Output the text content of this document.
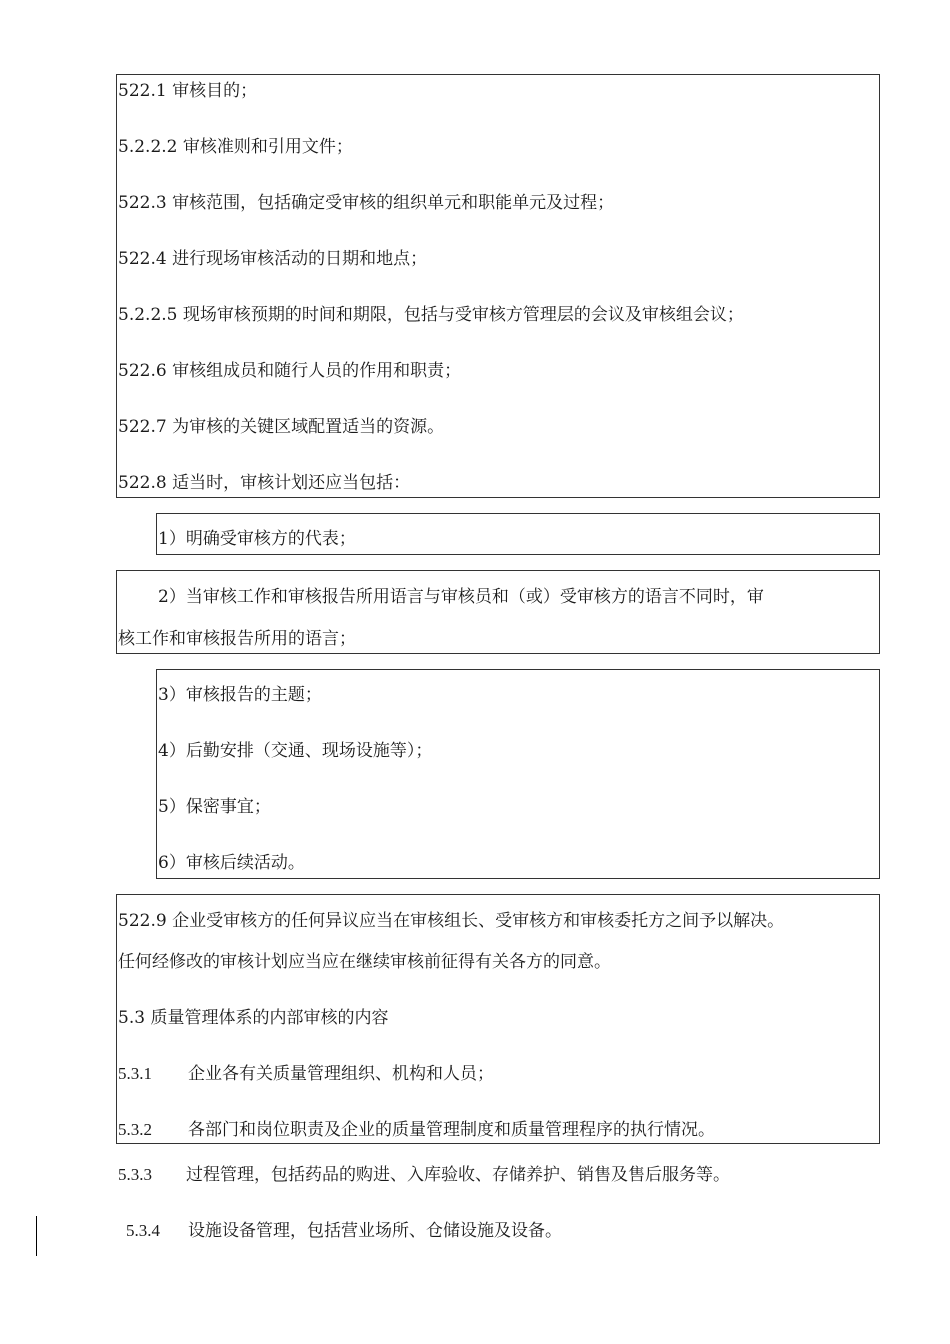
522.1 审核目的；
5.2.2.2 审核准则和引用文件；
522.3 审核范围，包括确定受审核的组织单元和职能单元及过程；
522.4 进行现场审核活动的日期和地点；
5.2.2.5 现场审核预期的时间和期限，包括与受审核方管理层的会议及审核组会议；
522.6 审核组成员和随行人员的作用和职责；
522.7 为审核的关键区域配置适当的资源。
522.8 适当时，审核计划还应当包括：
1）明确受审核方的代表；
2）当审核工作和审核报告所用语言与审核员和（或）受审核方的语言不同时，审
核工作和审核报告所用的语言；
3）审核报告的主题；
4）后勤安排（交通、现场设施等）；
5）保密事宜；
6）审核后续活动。
522.9 企业受审核方的任何异议应当在审核组长、受审核方和审核委托方之间予以解决。
任何经修改的审核计划应当应在继续审核前征得有关各方的同意。
5.3 质量管理体系的内部审核的内容
5.3.1 企业各有关质量管理组织、机构和人员；
5.3.2 各部门和岗位职责及企业的质量管理制度和质量管理程序的执行情况。
5.3.3 过程管理，包括药品的购进、入库验收、存储养护、销售及售后服务等。
5.3.4 设施设备管理，包括营业场所、仓储设施及设备。
